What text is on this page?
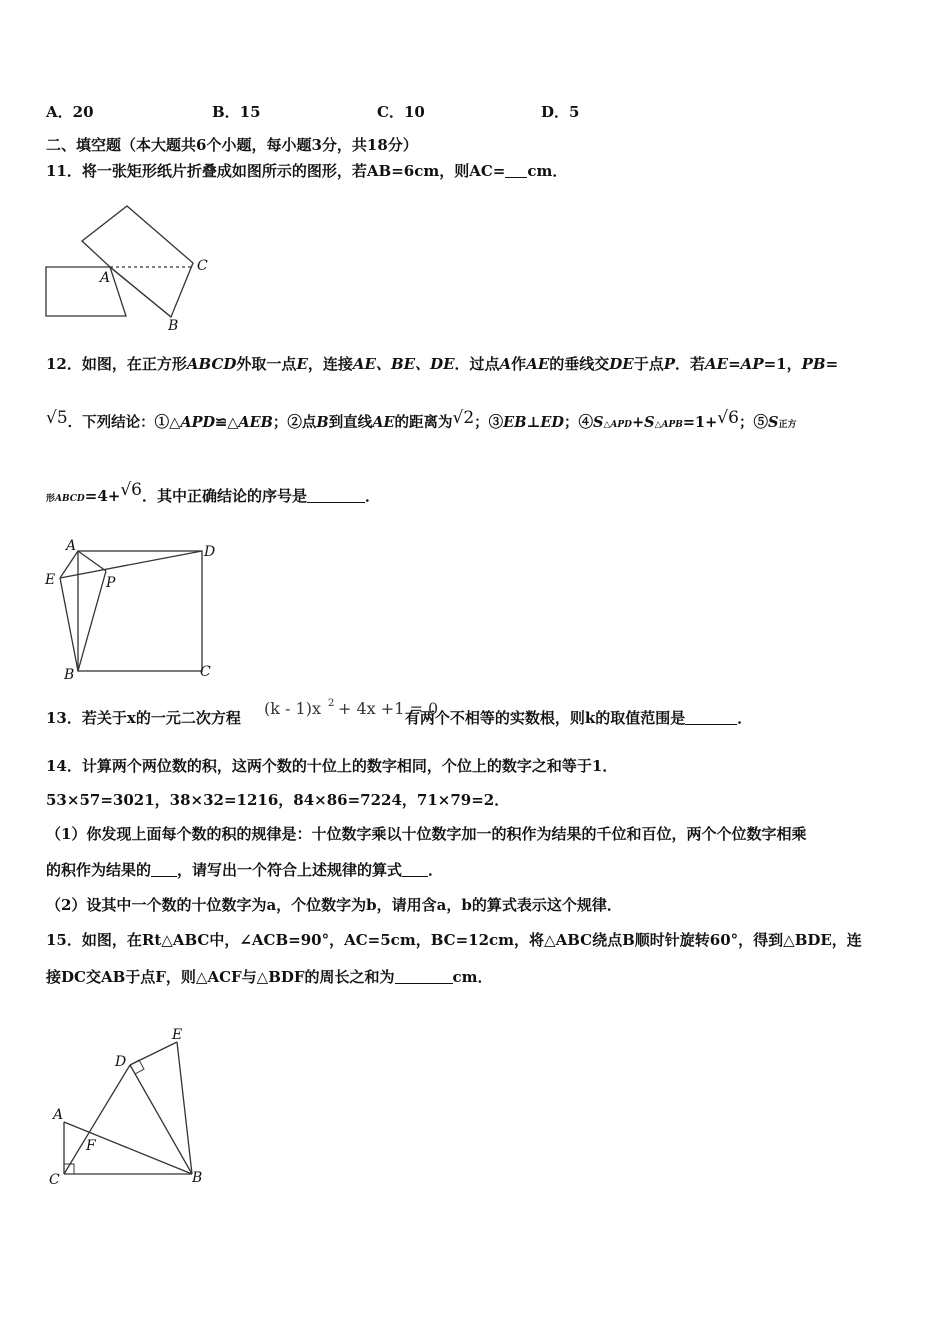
A．20	B．15	C．10	D．5
二、填空题（本大题共6个小题，每小题3分，共18分）
11．将一张矩形纸片折叠成如图所示的图形，若AB=6cm，则AC= cm．
A
C
B
12．如图，在正方形ABCD外取一点E，连接AE、BE、DE．过点A作AE的垂线交DE于点P．若AE=AP=1，PB=
√5．下列结论：①△APD≌△AEB；②点B到直线AE的距离为√2；③EB⊥ED；④S△APD+S△APB=1+√6；⑤S正方
形ABCD=4+√6．其中正确结论的序号是	．
A	D
E	P
B	C
13．若关于x的一元二次方程	有两个不相等的实数根，则k的取值范围是	．
(k - 1)x 2 + 4x +1 = 0
14．计算两个两位数的积，这两个数的十位上的数字相同，个位上的数字之和等于1．
53×57=3021，38×32=1216，84×86=7224，71×79=2．
（1）你发现上面每个数的积的规律是：十位数字乘以十位数字加一的积作为结果的千位和百位，两个个位数字相乘
的积作为结果的 ，请写出一个符合上述规律的算式 ．
（2）设其中一个数的十位数字为a，个位数字为b，请用含a，b的算式表示这个规律．
15．如图，在Rt△ABC中，∠ACB=90°，AC=5cm，BC=12cm，将△ABC绕点B顺时针旋转60°，得到△BDE，连
接DC交AB于点F，则△ACF与△BDF的周长之和为	cm．
E
D
A
F
C	B
